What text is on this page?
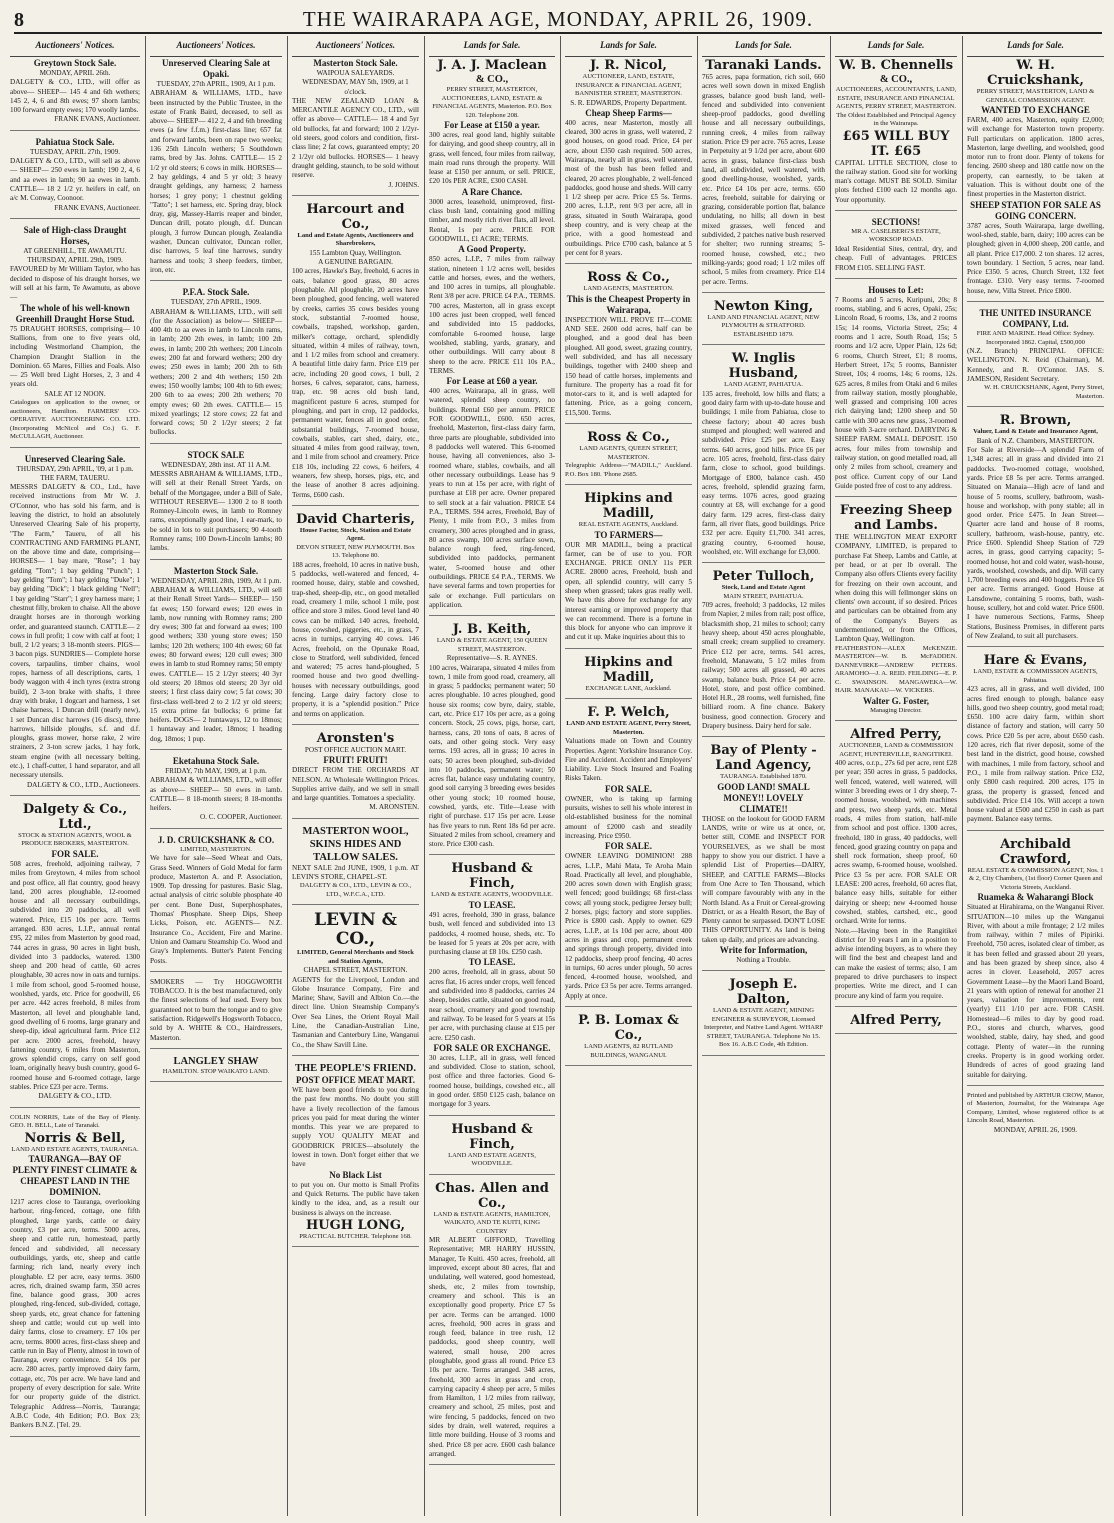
8	THE WAIRARAPA AGE, MONDAY, APRIL 26, 1909.
Auctioneers' Notices.	Auctioneers' Notices.	Auctioneers' Notices.	Lands for Sale.	Lands for Sale.	Lands for Sale.	Lands for Sale.	Lands for Sale.
Greytown Stock Sale.
MONDAY, APRIL 26th.

DALGETY & CO., LTD., will offer as above— SHEEP— 145 4 and 6th wethers; 145 2, 4, 6 and 8th ewes; 97 shorn lambs; 100 forward empty ewes; 170 woolly lambs.

FRANK EVANS, Auctioneer.
Pahiatua Stock Sale.
TUESDAY, APRIL 27th, 1909.

DALGETY & CO., LTD., will sell as above— SHEEP— 250 ewes in lamb; 190 2, 4, 6 and aa ewes in lamb; 90 aa ewes in lamb. CATTLE— 18 2 1/2 yr. heifers in calf, on a/c M. Conway, Coonoor.

FRANK EVANS, Auctioneer.
Sale of High-class Draught Horses,
AT GREENHILL, TE AWAMUTU.
THURSDAY, APRIL 29th, 1909.

FAVOURED by Mr William Taylor, who has decided to dispose of his draught horses, we will sell at his farm, Te Awamutu, as above—

The whole of his well-known Greenhill Draught Horse Stud.

75 DRAUGHT HORSES, comprising— 10 Stallions, from one to five years old, including Westmorland Champion, the Champion Draught Stallion in the Dominion. 65 Mares, Fillies and Foals. Also— 25 Well bred Light Horses, 2, 3 and 4 years old.

SALE AT 12 NOON.

Catalogues on application to the owner, or auctioneers, Hamilton. FARMERS' CO-OPERATIVE AUCTIONEERING CO. LTD. (Incorporating McNicol and Co.) G. F. McCULLAGH, Auctioneer.

Unreserved Clearing Sale.
THURSDAY, 29th APRIL, '09, at 1 p.m.
THE FARM, TAUERU.

MESSRS DALGETY & CO., Ltd., have received instructions from Mr W. J. O'Connor, who has sold his farm, and is leaving the district, to hold an absolutely Unreserved Clearing Sale of his property, "The Farm," Taueru, of all his CONTRACTING AND FARMING PLANT, on the above time and date, comprising— HORSES— 1 bay mare, "Rose"; 1 bay gelding "Tom"; 1 bay gelding "Punch"; 1 bay gelding "Tom"; 1 bay gelding "Duke"; 1 bay gelding "Dick"; 1 black gelding "Nell"; 1 bay gelding "Starr"; 1 grey harness mare; 1 chestnut filly, broken to chaise. All the above draught horses are in thorough working order, and guaranteed staunch. CATTLE— 2 cows in full profit; 1 cow with calf at foot; 1 bull, 2 1/2 years; 3 18-month steers. PIGS— 3 bacon pigs. SUNDRIES— Complete horse covers, tarpaulins, timber chains, wool ropes, harness of all descriptions, carts, 1 body waggon with 4 inch tyres (extra strong build), 2 3-ton brake with shafts, 1 three dray with brake, 1 dogcart and harness, 1 set chaise harness, 1 Duncan drill (nearly new), 1 set Duncan disc harrows (16 discs), three harrows, hillside ploughs, s.f. and d.f. ploughs, grass mower, horse rake, 2 wire strainers, 2 3-ton screw jacks, 1 hay fork, steam engine (with all necessary belting, etc.), 1 chaff-cutter, 1 hand separator, and all necessary utensils.

DALGETY & CO., LTD., Auctioneers.
Dalgety & Co., Ltd.,
STOCK & STATION AGENTS, WOOL & PRODUCE BROKERS, MASTERTON.
FOR SALE.

508 acres, freehold, adjoining railway, 7 miles from Greytown, 4 miles from school and post office, all flat country, good heavy land, 200 acres ploughable, 12-roomed house and all necessary outbuildings, subdivided into 20 paddocks, all well watered. Price, £15 10s per acre. Terms arranged. 830 acres, L.I.P., annual rental £95, 22 miles from Masterton by good road, 744 acres in grass, 90 acres in light bush, divided into 3 paddocks, watered. 1300 sheep and 200 head of cattle, 60 acres ploughable, 30 acres now in oats and turnips. 1 mile from school, good 5-roomed house, woolshed, yards, etc. Price for goodwill, £6 per acre. 442 acres freehold, 8 miles from Masterton, all level and ploughable land, good dwelling of 6 rooms, large granary and sheep-dip, ideal agricultural farm. Price £12 per acre. 2000 acres, freehold, heavy fattening country, 6 miles from Masterton, grows splendid crops, carry on self good loam, originally heavy bush country, good 6-roomed house and 6-roomed cottage, large stables. Price £23 per acre. Terms.

DALGETY & CO., LTD.

COLIN NORRIS, Late of the Bay of Plenty. GEO. H. BELL, Late of Taranaki.

Norris & Bell,
LAND AND ESTATE AGENTS, TAURANGA.
TAURANGA—BAY OF PLENTY FINEST CLIMATE & CHEAPEST LAND IN THE DOMINION.

1217 acres close to Tauranga, overlooking harbour, ring-fenced, cottage, one fifth ploughed, large yards, cattle or dairy country, £3 per acre, terms. 5000 acres, sheep and cattle run, homestead, partly fenced and subdivided, all necessary outbuildings, yards, etc, sheep and cattle farming; rich land, nearly every inch ploughable. £2 per acre, easy terms. 3600 acres, rich, drained swamp farm, 350 acres fine, balance good grass, 300 acres ploughed, ring-fenced, sub-divided, cottage, sheep yards, etc, great chance for fattening sheep and cattle; would cut up well into dairy farms, close to creamery. £7 10s per acre, terms. 8000 acres, first-class sheep and cattle run in Bay of Plenty, almost in town of Tauranga, every convenience. £4 10s per acre. 280 acres, partly improved dairy farm, cottage, etc, 70s per acre. We have land and property of every description for sale. Write for our property guide of the district. Telegraphic Address—Norris, Tauranga; A.B.C Code, 4th Edition; P.O. Box 23; Bankers B.N.Z. [Tel. 29.

Unreserved Clearing Sale at Opaki.
TUESDAY, 27th APRIL, 1909, At 1 p.m.

ABRAHAM & WILLIAMS, LTD., have been instructed by the Public Trustee, in the estate of Frank Baird, deceased, to sell as above— SHEEP— 412 2, 4 and 6th breeding ewes (a few f.f.m.) first-class line; 657 fat and forward lambs, been on rape two weeks; 136 25th Lincoln wethers; 5 Southdown rams, bred by Jas. Johns. CATTLE— 15 2 1/2 yr old steers; 6 cows in milk. HORSES— 2 bay geldings, 4 and 5 yr old; 3 heavy draught geldings, any harness; 2 harness horses; 1 grey pony; 1 chestnut gelding "Tatto"; 1 set harness, etc. Spring dray, block dray, gig, Massey-Harris reaper and binder, Duncan drill, potato plough, d.f. Duncan plough, 3 furrow Duncan plough, Zealandia washer, Duncan cultivator, Duncan roller, disc harrows, 5 leaf tine harrows, sundry harness and tools; 3 sheep feeders, timber, iron, etc.

P.F.A. Stock Sale.
TUESDAY, 27th APRIL, 1909.

ABRAHAM & WILLIAMS, LTD., will sell (for the Association) as below— SHEEP— 400 4th to aa ewes in lamb to Lincoln rams, in lamb; 200 2th ewes, in lamb; 100 2th ewes, in lamb; 200 2th wethers; 200 Lincoln ewes; 200 fat and forward wethers; 200 dry ewes; 250 ewes in lamb; 200 2th to 6th wethers; 200 2 and 4th wethers; 150 2th ewes; 150 woolly lambs; 100 4th to 6th ewes; 200 6th to aa ewes; 200 2th wethers; 70 empty ewes; 60 2th ewes. CATTLE— 15 mixed yearlings; 12 store cows; 22 fat and forward cows; 50 2 1/2yr steers; 2 fat bullocks.

STOCK SALE
WEDNESDAY, 28th inst. AT 11 A.M.

MESSRS ABRAHAM & WILLIAMS, LTD., will sell at their Renall Street Yards, on behalf of the Mortgagee, under a Bill of Sale, WITHOUT RESERVE— 1300 2 to 8 tooth Romney-Lincoln ewes, in lamb to Romney rams, exceptionally good line, 1 ear-mark, to be sold in lots to suit purchasers; 90 4-tooth Romney rams; 100 Down-Lincoln lambs; 80 lambs.

Masterton Stock Sale.
WEDNESDAY, APRIL 28th, 1909, At 1 p.m.

ABRAHAM & WILLIAMS, LTD., will sell at their Renall Street Yards— SHEEP— 150 fat ewes; 150 forward ewes; 120 ewes in lamb, now running with Romney rams; 200 dry ewes; 300 fat and forward aa ewes; 100 good wethers; 330 young store ewes; 150 lambs; 120 2th wethers; 100 4th ewes; 60 fat ewes; 80 forward ewes; 120 cull ewes; 300 ewes in lamb to stud Romney rams; 50 empty ewes. CATTLE— 15 2 1/2yr steers; 40 3yr old steers; 20 18mos old steers; 20 3yr old steers; 1 first class dairy cow; 5 fat cows; 30 first-class well-bred 2 to 2 1/2 yr old steers; 15 extra prime fat bullocks; 6 prime fat heifers. DOGS— 2 huntaways, 12 to 18mos; 1 huntaway and leader, 18mos; 1 heading dog, 18mos; 1 pup.

Eketahuna Stock Sale.
FRIDAY, 7th MAY, 1909, at 1 p.m.

ABRAHAM & WILLIAMS, LTD., will offer as above— SHEEP— 50 ewes in lamb. CATTLE— 8 18-month steers; 8 18-months heifers.

O. C. COOPER, Auctioneer.
J. D. CRUICKSHANK & CO.
LIMITED, MASTERTON.

We have for sale—Seed Wheat and Oats, Grass Seed. Winners of Gold Medal for farm produce, Masterton A. and P. Association, 1909. Top dressing for pastures. Basic Slag, actual analysis of citric soluble phosphate 40 per cent. Bone Dust, Superphosphates, Thomas' Phosphate. Sheep Dips, Sheep Licks, Poison, etc. AGENTS— N.Z. Insurance Co., Accident, Fire and Marine. Union and Oamaru Steamship Co. Wood and Gray's Implements. Butter's Patent Fencing Posts.

SMOKERS — Try HOGGWORTH TOBACCO. It is the best manufactured, only the finest selections of leaf used. Every box guaranteed not to burn the tongue and to give satisfaction. Ridgewell's Hogsworth Tobacco, sold by A. WHITE & CO., Hairdressers, Masterton.

LANGLEY SHAW
HAMILTON. STOP WAIKATO LAND.
Masterton Stock Sale.
WAIPOUA SALEYARDS.
WEDNESDAY, MAY 5th, 1909, at 1 o'clock.

THE NEW ZEALAND LOAN & MERCANTILE AGENCY CO., LTD., will offer as above— CATTLE— 18 4 and 5yr old bullocks, fat and forward; 100 2 1/2yr-old steers, good colors and condition, first-class line; 2 fat cows, guaranteed empty; 20 2 1/2yr old bullocks. HORSES— 1 heavy draught gelding, staunch, to be sold without reserve.

J. JOHNS.
Harcourt and Co.,
Land and Estate Agents, Auctioneers and Sharebrokers,
155 Lambton Quay, Wellington.
A GENUINE BARGAIN.

100 acres, Hawke's Bay, freehold, 6 acres in oats, balance good grass, 80 acres ploughable. All ploughable, 20 acres have been ploughed, good fencing, well watered by creeks, carries 35 cows besides young stock, substantial 7-roomed house, cowbails, trapshed, workshop, garden, milker's cottage, orchard, splendidly situated, within 4 miles of railway, town, and 1 1/2 miles from school and creamery. A beautiful little dairy farm. Price £19 per acre, including 20 good cows, 1 bull, 2 horses, 6 calves, separator, cans, harness, trap, etc. 98 acres old bush land, magnificent pasture 6 acres, stumped for ploughing, and part in crop, 12 paddocks, permanent water, fences all in good order, substantial buildings, 7-roomed house, cowbails, stables, cart shed, dairy, etc., situated 4 miles from good railway, town, and 1 mile from school and creamery. Price £18 10s, including 22 cows, 6 heifers, 4 weaners, few sheep, horses, pigs, etc, and the lease of another 8 acres adjoining. Terms, £600 cash.

David Charteris,
House Factor, Stock, Station and Estate Agent.
DEVON STREET, NEW PLYMOUTH. Box 13. Telephone 80.

188 acres, freehold, 10 acres in native bush, 5 paddocks, well-watered and fenced, 4-roomed house, dairy, stable and cowshed, trap-shed, sheep-dip, etc., on good metalled road, creamery 1 mile, school 1 mile, post office and store 3 miles. Good level land 40 cows can be milked. 140 acres, freehold, house, cowshed, piggeries, etc., in grass, 7 acres in turnips, carrying 40 cows. 146 Acres, freehold, on the Opunake Road, close to Stratford, well subdivided, fenced and watered; 75 acres hand-ploughed, 5 roomed house and two good dwelling-houses with necessary outbuildings, good fencing. Large dairy factory close to property, it is a "splendid position." Price and terms on application.

Aronsten's
POST OFFICE AUCTION MART.
FRUIT! FRUIT!

DIRECT FROM THE ORCHARDS AT NELSON. At Wholesale Wellington Prices. Supplies arrive daily, and we sell in small and large quantities. Tomatoes a speciality.

M. ARONSTEN.
MASTERTON WOOL, SKINS HIDES AND TALLOW SALES.

NEXT SALE 2nd JUNE, 1909, 1 p.m. AT LEVIN'S STORE, CHAPEL-ST.

DALGETY & CO., LTD., LEVIN & CO., LTD., W.F.C.A., LTD.
LEVIN & CO.,
LIMITED, General Merchants and Stock and Station Agents,
CHAPEL STREET, MASTERTON.

AGENTS for the Liverpool, London and Globe Insurance Company, Fire and Marine; Shaw, Savill and Albion Co.—the direct line. Union Steamship Company's Over Sea Lines, the Orient Royal Mail Line, the Canadian-Australian Line, Tasmanian and Canterbury Line, Wanganui Co., the Shaw Savill Line.

THE PEOPLE'S FRIEND.
POST OFFICE MEAT MART.

WE have been good friends to you during the past few months. No doubt you still have a lively recollection of the famous prices you paid for meat during the winter months. This year we are prepared to supply YOU QUALITY MEAT and GOODBRICK PRICES—absolutely the lowest in town. Don't forget either that we have

No Black List

to put you on. Our motto is Small Profits and Quick Returns. The public have taken kindly to the idea, and, as a result our business is always on the increase.

HUGH LONG,
PRACTICAL BUTCHER. Telephone 168.
J. A. J. Maclean
& CO.,
PERRY STREET, MASTERTON, AUCTIONEERS, LAND, ESTATE & FINANCIAL AGENTS, Masterton. P.O. Box 120. Telephone 208.
For Lease at £150 a year.

300 acres, real good land, highly suitable for dairying, and good sheep country, all in grass, well fenced, four miles from railway, main road runs through the property. Will lease at £150 per annum, or sell. PRICE, £20 10s PER ACRE, £300 CASH.

A Rare Chance.

3000 acres, leasehold, unimproved, first-class bush land, containing good milling timber, and mostly rich river flats, all level. Rental, 1s per acre. PRICE FOR GOODWILL, £1 ACRE; TERMS.

A Good Property.

850 acres, L.I.P., 7 miles from railway station, nineteen 1 1/2 acres well, besides cattle and horses, ewes, and the wethers, and 100 acres in turnips, all ploughable. Rent 3/8 per acre. PRICE £4 P.A., TERMS. 700 acres, Masterton, all in grass except 100 acres just been cropped, well fenced and subdivided into 15 paddocks, comfortable 6-roomed house, large woolshed, stabling, yards, granary, and other outbuildings. Will carry about 8 sheep to the acre. PRICE £11 10s P.A., TERMS.

For Lease at £60 a year.

400 acres, Wairarapa, all in grass, well watered, splendid sheep country, no buildings. Rental £60 per annum. PRICE FOR GOODWILL, £600. 650 acres, freehold, Masterton, first-class dairy farm, three parts are ploughable, subdivided into 8 paddocks well watered. This 6-roomed house, having all conveniences, also 3-roomed whare, stables, cowbails, and all other necessary outbuildings. Lease has 9 years to run at 15s per acre, with right of purchase at £18 per acre. Owner prepared to sell stock at a fair valuation. PRICE £4 P.A., TERMS. 594 acres, Freehold, Bay of Plenty, 1 mile from P.O., 3 miles from creamery, 300 acres ploughed and in grass, 80 acres swamp, 100 acres surface sown, balance rough feed, ring-fenced, subdivided into paddocks, permanent water, 5-roomed house and other outbuildings. PRICE £4 P.A., TERMS. We have several farms and town properties for sale or exchange. Full particulars on application.

J. B. Keith,
LAND & ESTATE AGENT, 150 QUEEN STREET, MASTERTON.
Representative—S. R. AYNES.

100 acres, Wairarapa, situated 4 miles from town, 1 mile from good road, creamery, all in grass; 5 paddocks; permanent water; 50 acres ploughable. 10 acres ploughed, good house six rooms; cow byre, dairy, stable, cart, etc. Price £17 10s per acre, as a going concern. Stock, 25 cows, pigs, horse, cart, harness, cans, 20 tons of oats, 8 acres of oats, and other going stock. Very easy terms. 193 acres, all in grass; 10 acres in oats; 50 acres been ploughed, sub-divided into 10 paddocks, permanent water; 50 acres flat, balance easy undulating country, good soil carrying 3 breeding ewes besides other young stock; 10 roomed house, cowshed, yards, etc. Title—Lease with right of purchase. £17 15s per acre. Lease has five years to run. Rent 18s 6d per acre. Situated 2 miles from school, creamery and store. Price £300 cash.

Husband & Finch,
LAND & ESTATE AGENTS, WOODVILLE.
TO LEASE.

491 acres, freehold, 390 in grass, balance bush, well fenced and subdivided into 13 paddocks, 4 roomed house, sheds, etc. To be leased for 5 years at 20s per acre, with purchasing clause at £8 10s. £250 cash.

TO LEASE.

200 acres, freehold, all in grass, about 50 acres flat, 16 acres under crops, well fenced and subdivided into 8 paddocks, carries 24 sheep, besides cattle, situated on good road, near school, creamery and good township and railway. To be leased for 5 years at 15s per acre, with purchasing clause at £15 per acre. £250 cash.

FOR SALE OR EXCHANGE.

30 acres, L.I.P., all in grass, well fenced and subdivided. Close to station, school, post office and three factories. Good 6-roomed house, buildings, cowshed etc., all in good order. £850 £125 cash, balance on mortgage for 3 years.

Husband & Finch,
LAND AND ESTATE AGENTS, WOODVILLE.
Chas. Allen and Co.,
LAND & ESTATE AGENTS, HAMILTON, WAIKATO, AND TE KUITI, KING COUNTRY

MR ALBERT GIFFORD, Travelling Representative; MR HARRY HUSSIN, Manager, Te Kuiti. 450 acres, freehold, all improved, except about 80 acres, flat and undulating, well watered, good homestead, sheds, etc, 2 miles from township, creamery and school. This is an exceptionally good property. Price £7 5s per acre. Terms can be arranged. 1000 acres, freehold, 900 acres in grass and rough feed, balance in tree rush, 12 paddocks, good sheep country, well watered, small house, 200 acres ploughable, good grass all round. Price £3 10s per acre. Terms arranged. 348 acres, freehold, 300 acres in grass and crop, carrying capacity 4 sheep per acre, 5 miles from Hamilton, 1 1/2 miles from railway, creamery and school, 25 miles, post and wire fencing, 5 paddocks, fenced on two sides by drain, well watered, requires a little more building. House of 3 rooms and shed. Price £8 per acre. £600 cash balance arranged.

J. R. Nicol,
AUCTIONEER, LAND, ESTATE, INSURANCE & FINANCIAL AGENT, BANNISTER STREET, MASTERTON.
S. R. EDWARDS, Property Department.
Cheap Sheep Farms—

400 acres, near Masterton, mostly all cleared, 300 acres in grass, well watered, 2 good houses, on good road. Price, £4 per acre, about £350 cash required. 500 acres, Wairarapa, nearly all in grass, well watered, most of the bush has been felled and cleared, 20 acres ploughable, 2 well-fenced paddocks, good house and sheds. Will carry 1 1/2 sheep per acre. Price £5 5s. Terms. 200 acres, L.I.P., rent 9/3 per acre, all in grass, situated in South Wairarapa, good sheep country, and is very cheap at the price, with a good homestead and outbuildings. Price £700 cash, balance at 5 per cent for 8 years.

Ross & Co.,
LAND AGENTS, MASTERTON.
This is the Cheapest Property in Wairarapa,

INSPECTION WILL PROVE IT—COME AND SEE. 2600 odd acres, half can be ploughed, and a good deal has been ploughed. All good, sweet, grazing country, well subdivided, and has all necessary buildings, together with 2400 sheep and 150 head of cattle horses, implements and furniture. The property has a road fit for motor-cars to it, and is well adapted for fattening. Price, as a going concern, £15,500. Terms.

Ross & Co.,
LAND AGENTS, QUEEN STREET, MASTERTON.

Telegraphic Address—"MADILL," Auckland. P.O. Box 180. 'Phone 2685.

Hipkins and Madill,
REAL ESTATE AGENTS, Auckland.
TO FARMERS—

OUR MR MADILL, being a practical farmer, can be of use to you. FOR EXCHANGE. PRICE ONLY 11s PER ACRE. 28000 acres, Freehold, bush and open, all splendid country, will carry 5 sheep when grassed; takes gras really well. We have this above for exchange for any interest earning or improved property that we can recommend. There is a fortune in this block for anyone who can improve it and cut it up. Make inquiries about this to

Hipkins and Madill,
EXCHANGE LANE, Auckland.
F. P. Welch,
LAND AND ESTATE AGENT, Perry Street, Masterton.

Valuations made on Town and Country Properties. Agent: Yorkshire Insurance Coy. Fire and Accident. Accident and Employers' Liability. Live Stock Insured and Foaling Risks Taken.

FOR SALE.

OWNER, who is taking up farming pursuits, wishes to sell his whole interest in old-established business for the nominal amount of £2000 cash and steadily increasing. Price £950.

FOR SALE.

OWNER LEAVING DOMINION! 288 acres, L.I.P., Mahi Mata, Te Aroha Main Road. Practically all level, and ploughable, 200 acres sown down with English grass; well fenced; good buildings; 68 first-class cows; all young stock, pedigree Jersey bull; 2 horses, pigs; factory and store supplies. Price is £800 cash. Apply to owner. 629 acres, L.I.P., at 1s 10d per acre, about 400 acres in grass and crop, permanent creek and springs through property, divided into 12 paddocks, sheep proof fencing, 40 acres in turnips, 60 acres under plough, 50 acres fenced, 4-roomed house, woolshed, and yards. Price £3 5s per acre. Terms arranged. Apply at once.

P. B. Lomax & Co.,
LAND AGENTS, 82 RUTLAND BUILDINGS, WANGANUI.
Taranaki Lands.

765 acres, papa formation, rich soil, 660 acres well sown down in mixed English grasses, balance good bush land, well-fenced and subdivided into convenient sheep-proof paddocks, good dwelling house and all necessary outbuildings, running creek, 4 miles from railway station. Price £9 per acre. 765 acres, Lease in Perpetuity at 9 1/2d per acre, about 600 acres in grass, balance first-class bush land, all subdivided, well watered, with good dwelling-house, woolshed, yards, etc. Price £4 10s per acre, terms. 650 acres, freehold, suitable for dairying or grazing, considerable portion flat, balance undulating, no hills; all down in best mixed grasses, well fenced and subdivided, 2 patches native bush reserved for shelter; two running streams; 5-roomed house, cowshed, etc.; two milking-yards; good road; 1 1/2 miles off school, 5 miles from creamery. Price £14 per acre. Terms.

Newton King,
LAND AND FINANCIAL AGENT, NEW PLYMOUTH & STRATFORD. ESTABLISHED 1879.
W. Inglis Husband,
LAND AGENT, PAHIATUA.

135 acres, freehold, low hills and flats; a good dairy farm with up-to-date house and buildings; 1 mile from Pahiatua, close to cheese factory; about 40 acres bush stumped and ploughed; well watered and subdivided. Price £25 per acre. Easy terms. 640 acres, good hills. Price £6 per acre. 105 acres, freehold, first-class dairy farm, close to school, good buildings. Mortgage of £800, balance cash. 450 acres, freehold, splendid grazing farm, easy terms. 1076 acres, good grazing country at £8, will exchange for a good dairy farm. 129 acres, first-class dairy farm, all river flats, good buildings. Price £32 per acre. Equity £1,700. 341 acres, grazing country, 6-roomed house, woolshed, etc. Will exchange for £3,000.

Peter Tulloch,
Stock, Land and Estate Agent
MAIN STREET, PAHIATUA.

709 acres, freehold; 3 paddocks, 12 miles from Napier, 2 miles from rail; post office, blacksmith shop, 21 miles to school; carry heavy sheep, about 450 acres ploughable, small creek; cream supplied to creamery. Price £12 per acre, terms. 541 acres, freehold, Manawatu, 5 1/2 miles from railway; 500 acres all grassed, 40 acres swamp, balance bush. Price £4 per acre. Hotel, store, and post office combined. Hotel H.R., 28 rooms, well furnished, fine billiard room. A fine chance. Bakery business, good connection. Grocery and Drapery business. Dairy herd for sale.

Bay of Plenty - Land Agency,
TAURANGA. Established 1870.
GOOD LAND! SMALL MONEY!! LOVELY CLIMATE!!

THOSE on the lookout for GOOD FARM LANDS, write or wire us at once, or, better still, COME and INSPECT FOR YOURSELVES, as we shall be most happy to show you our district. I have a splendid List of Properties—DAIRY, SHEEP, and CATTLE FARMS—Blocks from One Acre to Ten Thousand, which will compare favourably with any in the North Island. As a Fruit or Cereal-growing District, or as a Health Resort, the Bay of Plenty cannot be surpassed. DON'T LOSE THIS OPPORTUNITY. As land is being taken up daily, and prices are advancing.

Write for Information,
Nothing a Trouble.
Joseph E. Dalton,
LAND & ESTATE AGENT, MINING ENGINEER & SURVEYOR, Licensed Interpreter, and Native Land Agent. WHARF STREET, TAURANGA. Telephone No 15. Box 16. A.B.C Code, 4th Edition.
W. B. Chennells
& CO.,
AUCTIONEERS, ACCOUNTANTS, LAND, ESTATE, INSURANCE AND FINANCIAL AGENTS, PERRY STREET, MASTERTON. The Oldest Established and Principal Agency in the Wairarapa.
£65 WILL BUY IT. £65

CAPITAL LITTLE SECTION, close to the railway station. Good site for working man's cottage. MUST BE SOLD. Similar plots fetched £100 each 12 months ago. Your opportunity.

SECTIONS!
MR A. CASELBERG'S ESTATE, WORKSOP ROAD.

Ideal Residential Sites, central, dry, and cheap. Full of advantages. PRICES FROM £105. SELLING FAST.

Houses to Let:

7 Rooms and 5 acres, Kuripuni, 20s; 8 rooms, stabling, and 6 acres, Opaki, 25s; Lincoln Road, 6 rooms, 13s, and 2 rooms 15s; 14 rooms, Victoria Street, 25s; 4 rooms and 1 acre, South Road, 15s; 5 rooms and 1/2 acre, Upper Plain, 12s 6d; 6 rooms, Church Street, £1; 8 rooms, Herbert Street, 17s; 5 rooms, Bannister Street, 10s; 4 rooms, 14s; 6 rooms, 12s. 625 acres, 8 miles from Otaki and 6 miles from railway station, mostly ploughable, well grassed and comprising 100 acres rich dairying land; 1200 sheep and 50 cattle with 300 acres new grass, 3-roomed house with 3-acre orchard. DAIRYING & SHEEP FARM. SMALL DEPOSIT. 150 acres, four miles from township and railway station, on good metalled road, all only 2 miles from school, creamery and post office. Current copy of our Land Guide posted free of cost to any address.

Freezing Sheep and Lambs.

THE WELLINGTON MEAT EXPORT COMPANY, LIMITED, is prepared to purchase Fat Sheep, Lambs and Cattle, at per head, or at per lb overall. The Company also offers Clients every facility for freezing on their own account, and when doing this will fellmonger skins on clients' own account, if so desired. Prices and particulars can be obtained from any of the Company's Buyers as undermentioned, or from the Offices, Lambton Quay, Wellington.

FEATHERSTON—ALEX McKENZIE. MASTERTON—W. B. McFADDEN. DANNEVIRKE—ANDREW PETERS. ARAMOHO—J. A. REID. FEILDING—E. P. C. SWAINSON. MANGAWEKA—W. HAIR. MANAKAU—W. VICKERS.

Walter G. Foster,
Managing Director.
Alfred Perry,
AUCTIONEER, LAND & COMMISSION AGENT, HUNTERVILLE, RANGITIKEI.

400 acres, o.r.p., 27s 6d per acre, rent £28 per year; 350 acres in grass, 5 paddocks, well fenced, watered, well watered, will winter 3 breeding ewes or 1 dry sheep, 7-roomed house, woolshed, with machines and press, two sheep yards, etc. Metal roads, 4 miles from station, half-mile from school and post office. 1300 acres, freehold, 180 in grass, 40 paddocks, well fenced, good grazing country on papa and shell rock formation, sheep proof, 60 acres swamp, 6-roomed house, woolshed. Price £3 5s per acre. FOR SALE OR LEASE: 200 acres, freehold, 60 acres flat, balance easy hills, suitable for either dairying or sheep; new 4-roomed house cowshed, stables, cartshed, etc., good orchard. Write for terms.

Note.—Having been in the Rangitikei district for 10 years I am in a position to advise intending buyers, as to where they will find the best and cheapest land and can make the easiest of terms; also, I am prepared to drive purchasers to inspect properties. Write me direct, and I can procure any kind of farm you require.

Alfred Perry,
W. H. Cruickshank,
PERRY STREET, MASTERTON, LAND & GENERAL COMMISSION AGENT.
WANTED TO EXCHANGE

FARM, 400 acres, Masterton, equity £2,000; will exchange for Masterton town property. Full particulars on application. 1800 acres, Masterton, large dwelling, and woolshed, good motor run to front door. Plenty of tokens for fencing. 2600 sheep and 180 cattle now on the property, can earnestly, to be taken at valuation. This is without doubt one of the finest properties in the Masterton district.

SHEEP STATION FOR SALE AS GOING CONCERN.

3787 acres, South Wairarapa, large dwelling, wool-shed, stable, barn, dairy; 100 acres can be ploughed; given in 4,000 sheep, 200 cattle, and all plant. Price £17,000. 2 ton shares. 12 acres, town boundary. 1 Section, 5 acres, near land. Price £350. 5 acres, Church Street, 132 feet frontage. £310. Very easy terms. 7-roomed house, new, Villa Street. Price £800.

THE UNITED INSURANCE COMPANY, Ltd.
FIRE AND MARINE. Head Office: Sydney. Incorporated 1862. Capital, £500,000

(N.Z. Branch) PRINCIPAL OFFICE: WELLINGTON. N. Reid (Chairman), M. Kennedy, and R. O'Connor. JAS. S. JAMESON, Resident Secretary.

W. H. CRUICKSHANK, Agent, Perry Street, Masterton.
R. Brown,
Valuer, Land & Estate and Insurance Agent,
Bank of N.Z. Chambers, MASTERTON.

For Sale at Riverside—A splendid Farm of 1,348 acres; all in grass and divided into 21 paddocks. Two-roomed cottage, woolshed, yards. Price £8 5s per acre. Terms arranged. Situated on Manaia—High acre of land and house of 5 rooms, scullery, bathroom, wash-house and workshop, with pony stable; all in good order. Price £475. In Jean Street—Quarter acre land and house of 8 rooms, scullery, bathroom, wash-house, pantry, etc. Price £600. Splendid Sheep Station of 729 acres, in grass, good carrying capacity; 5-roomed house, hot and cold water, wash-house, yards, woolshed, cowsheds, and dip. Will carry 1,700 breeding ewes and 400 hoggets. Price £6 per acre. Terms arranged. Good House at Lansdowne, containing 5 rooms, bath, wash-house, scullery, hot and cold water. Price £600. I have numerous Sections, Farms, Sheep Stations, Business Premises, in different parts of New Zealand, to suit all purchasers.

Hare & Evans,
LAND, ESTATE & COMMISSION AGENTS, Pahiatua.

423 acres, all in grass, and well divided, 100 acres fired enough to plough, balance easy hills, good two sheep country, good metal road; £650. 100 acre dairy farm, within short distance of factory and station, will carry 50 cows. Price £20 5s per acre, about £650 cash. 120 acres, rich flat river deposit, some of the best land in the district, good house, cowshed with machines, 1 mile from factory, school and P.O., 1 mile from railway station. Price £32, only £800 cash required. 200 acres, 175 in grass, the property is grassed, fenced and subdivided. Price £14 10s. Will accept a town house valued at £500 and £250 in cash as part payment. Balance easy terms.

Archibald Crawford,
REAL ESTATE & COMMISSION AGENT, Nos. 1 & 2, City Chambers, (1st floor) Corner Queen and Victoria Streets, Auckland.
Ruameka & Waharangi Block

Situated at Hirahirama, on the Wanganui River. SITUATION—10 miles up the Wanganui River, with about a mile frontage; 2 1/2 miles from railway, within 7 miles of Pipiriki. Freehold, 750 acres, isolated clear of timber, as it has been felled and grassed about 20 years, and has been grazed by sheep since, also 4 acres in clover. Leasehold, 2057 acres Government Lease—by the Maori Land Board, 21 years with option of renewal for another 21 years, valuation for improvements, rent (yearly) £11 1/10 per acre. FOR CASH. Homestead—6 miles to day by good road. P.O., stores and church, wharves, good woolshed, stable, dairy, hay shed, and good cottage. Plenty of water—in the running creeks. Property is in good working order. Hundreds of acres of good grazing land suitable for dairying.

Printed and published by ARTHUR CROW, Manor, of Masterton, Journalist, for the Wairarapa Age Company, Limited, whose registered office is at Lincoln Road, Masterton.

MONDAY, APRIL 26, 1909.
